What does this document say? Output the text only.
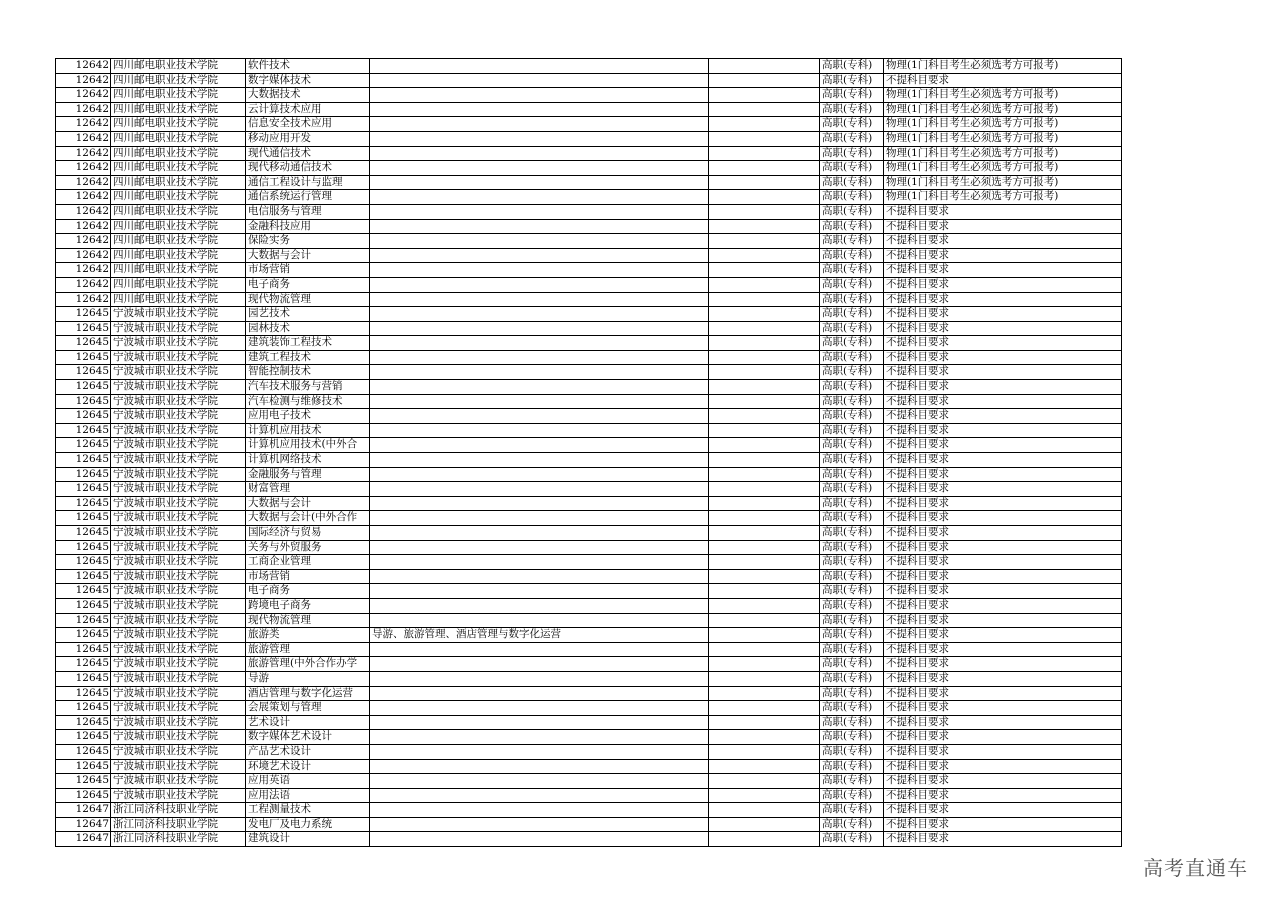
12642	四川邮电职业技术学院	软件技术			高职(专科)	物理(1门科目考生必须选考方可报考)
12642	四川邮电职业技术学院	数字媒体技术			高职(专科)	不提科目要求
12642	四川邮电职业技术学院	大数据技术			高职(专科)	物理(1门科目考生必须选考方可报考)
12642	四川邮电职业技术学院	云计算技术应用			高职(专科)	物理(1门科目考生必须选考方可报考)
12642	四川邮电职业技术学院	信息安全技术应用			高职(专科)	物理(1门科目考生必须选考方可报考)
12642	四川邮电职业技术学院	移动应用开发			高职(专科)	物理(1门科目考生必须选考方可报考)
12642	四川邮电职业技术学院	现代通信技术			高职(专科)	物理(1门科目考生必须选考方可报考)
12642	四川邮电职业技术学院	现代移动通信技术			高职(专科)	物理(1门科目考生必须选考方可报考)
12642	四川邮电职业技术学院	通信工程设计与监理			高职(专科)	物理(1门科目考生必须选考方可报考)
12642	四川邮电职业技术学院	通信系统运行管理			高职(专科)	物理(1门科目考生必须选考方可报考)
12642	四川邮电职业技术学院	电信服务与管理			高职(专科)	不提科目要求
12642	四川邮电职业技术学院	金融科技应用			高职(专科)	不提科目要求
12642	四川邮电职业技术学院	保险实务			高职(专科)	不提科目要求
12642	四川邮电职业技术学院	大数据与会计			高职(专科)	不提科目要求
12642	四川邮电职业技术学院	市场营销			高职(专科)	不提科目要求
12642	四川邮电职业技术学院	电子商务			高职(专科)	不提科目要求
12642	四川邮电职业技术学院	现代物流管理			高职(专科)	不提科目要求
12645	宁波城市职业技术学院	园艺技术			高职(专科)	不提科目要求
12645	宁波城市职业技术学院	园林技术			高职(专科)	不提科目要求
12645	宁波城市职业技术学院	建筑装饰工程技术			高职(专科)	不提科目要求
12645	宁波城市职业技术学院	建筑工程技术			高职(专科)	不提科目要求
12645	宁波城市职业技术学院	智能控制技术			高职(专科)	不提科目要求
12645	宁波城市职业技术学院	汽车技术服务与营销			高职(专科)	不提科目要求
12645	宁波城市职业技术学院	汽车检测与维修技术			高职(专科)	不提科目要求
12645	宁波城市职业技术学院	应用电子技术			高职(专科)	不提科目要求
12645	宁波城市职业技术学院	计算机应用技术			高职(专科)	不提科目要求
12645	宁波城市职业技术学院	计算机应用技术(中外合			高职(专科)	不提科目要求
12645	宁波城市职业技术学院	计算机网络技术			高职(专科)	不提科目要求
12645	宁波城市职业技术学院	金融服务与管理			高职(专科)	不提科目要求
12645	宁波城市职业技术学院	财富管理			高职(专科)	不提科目要求
12645	宁波城市职业技术学院	大数据与会计			高职(专科)	不提科目要求
12645	宁波城市职业技术学院	大数据与会计(中外合作			高职(专科)	不提科目要求
12645	宁波城市职业技术学院	国际经济与贸易			高职(专科)	不提科目要求
12645	宁波城市职业技术学院	关务与外贸服务			高职(专科)	不提科目要求
12645	宁波城市职业技术学院	工商企业管理			高职(专科)	不提科目要求
12645	宁波城市职业技术学院	市场营销			高职(专科)	不提科目要求
12645	宁波城市职业技术学院	电子商务			高职(专科)	不提科目要求
12645	宁波城市职业技术学院	跨境电子商务			高职(专科)	不提科目要求
12645	宁波城市职业技术学院	现代物流管理			高职(专科)	不提科目要求
12645	宁波城市职业技术学院	旅游类	导游、旅游管理、酒店管理与数字化运营		高职(专科)	不提科目要求
12645	宁波城市职业技术学院	旅游管理			高职(专科)	不提科目要求
12645	宁波城市职业技术学院	旅游管理(中外合作办学			高职(专科)	不提科目要求
12645	宁波城市职业技术学院	导游			高职(专科)	不提科目要求
12645	宁波城市职业技术学院	酒店管理与数字化运营			高职(专科)	不提科目要求
12645	宁波城市职业技术学院	会展策划与管理			高职(专科)	不提科目要求
12645	宁波城市职业技术学院	艺术设计			高职(专科)	不提科目要求
12645	宁波城市职业技术学院	数字媒体艺术设计			高职(专科)	不提科目要求
12645	宁波城市职业技术学院	产品艺术设计			高职(专科)	不提科目要求
12645	宁波城市职业技术学院	环境艺术设计			高职(专科)	不提科目要求
12645	宁波城市职业技术学院	应用英语			高职(专科)	不提科目要求
12645	宁波城市职业技术学院	应用法语			高职(专科)	不提科目要求
12647	浙江同济科技职业学院	工程测量技术			高职(专科)	不提科目要求
12647	浙江同济科技职业学院	发电厂及电力系统			高职(专科)	不提科目要求
12647	浙江同济科技职业学院	建筑设计			高职(专科)	不提科目要求
高考直通车
